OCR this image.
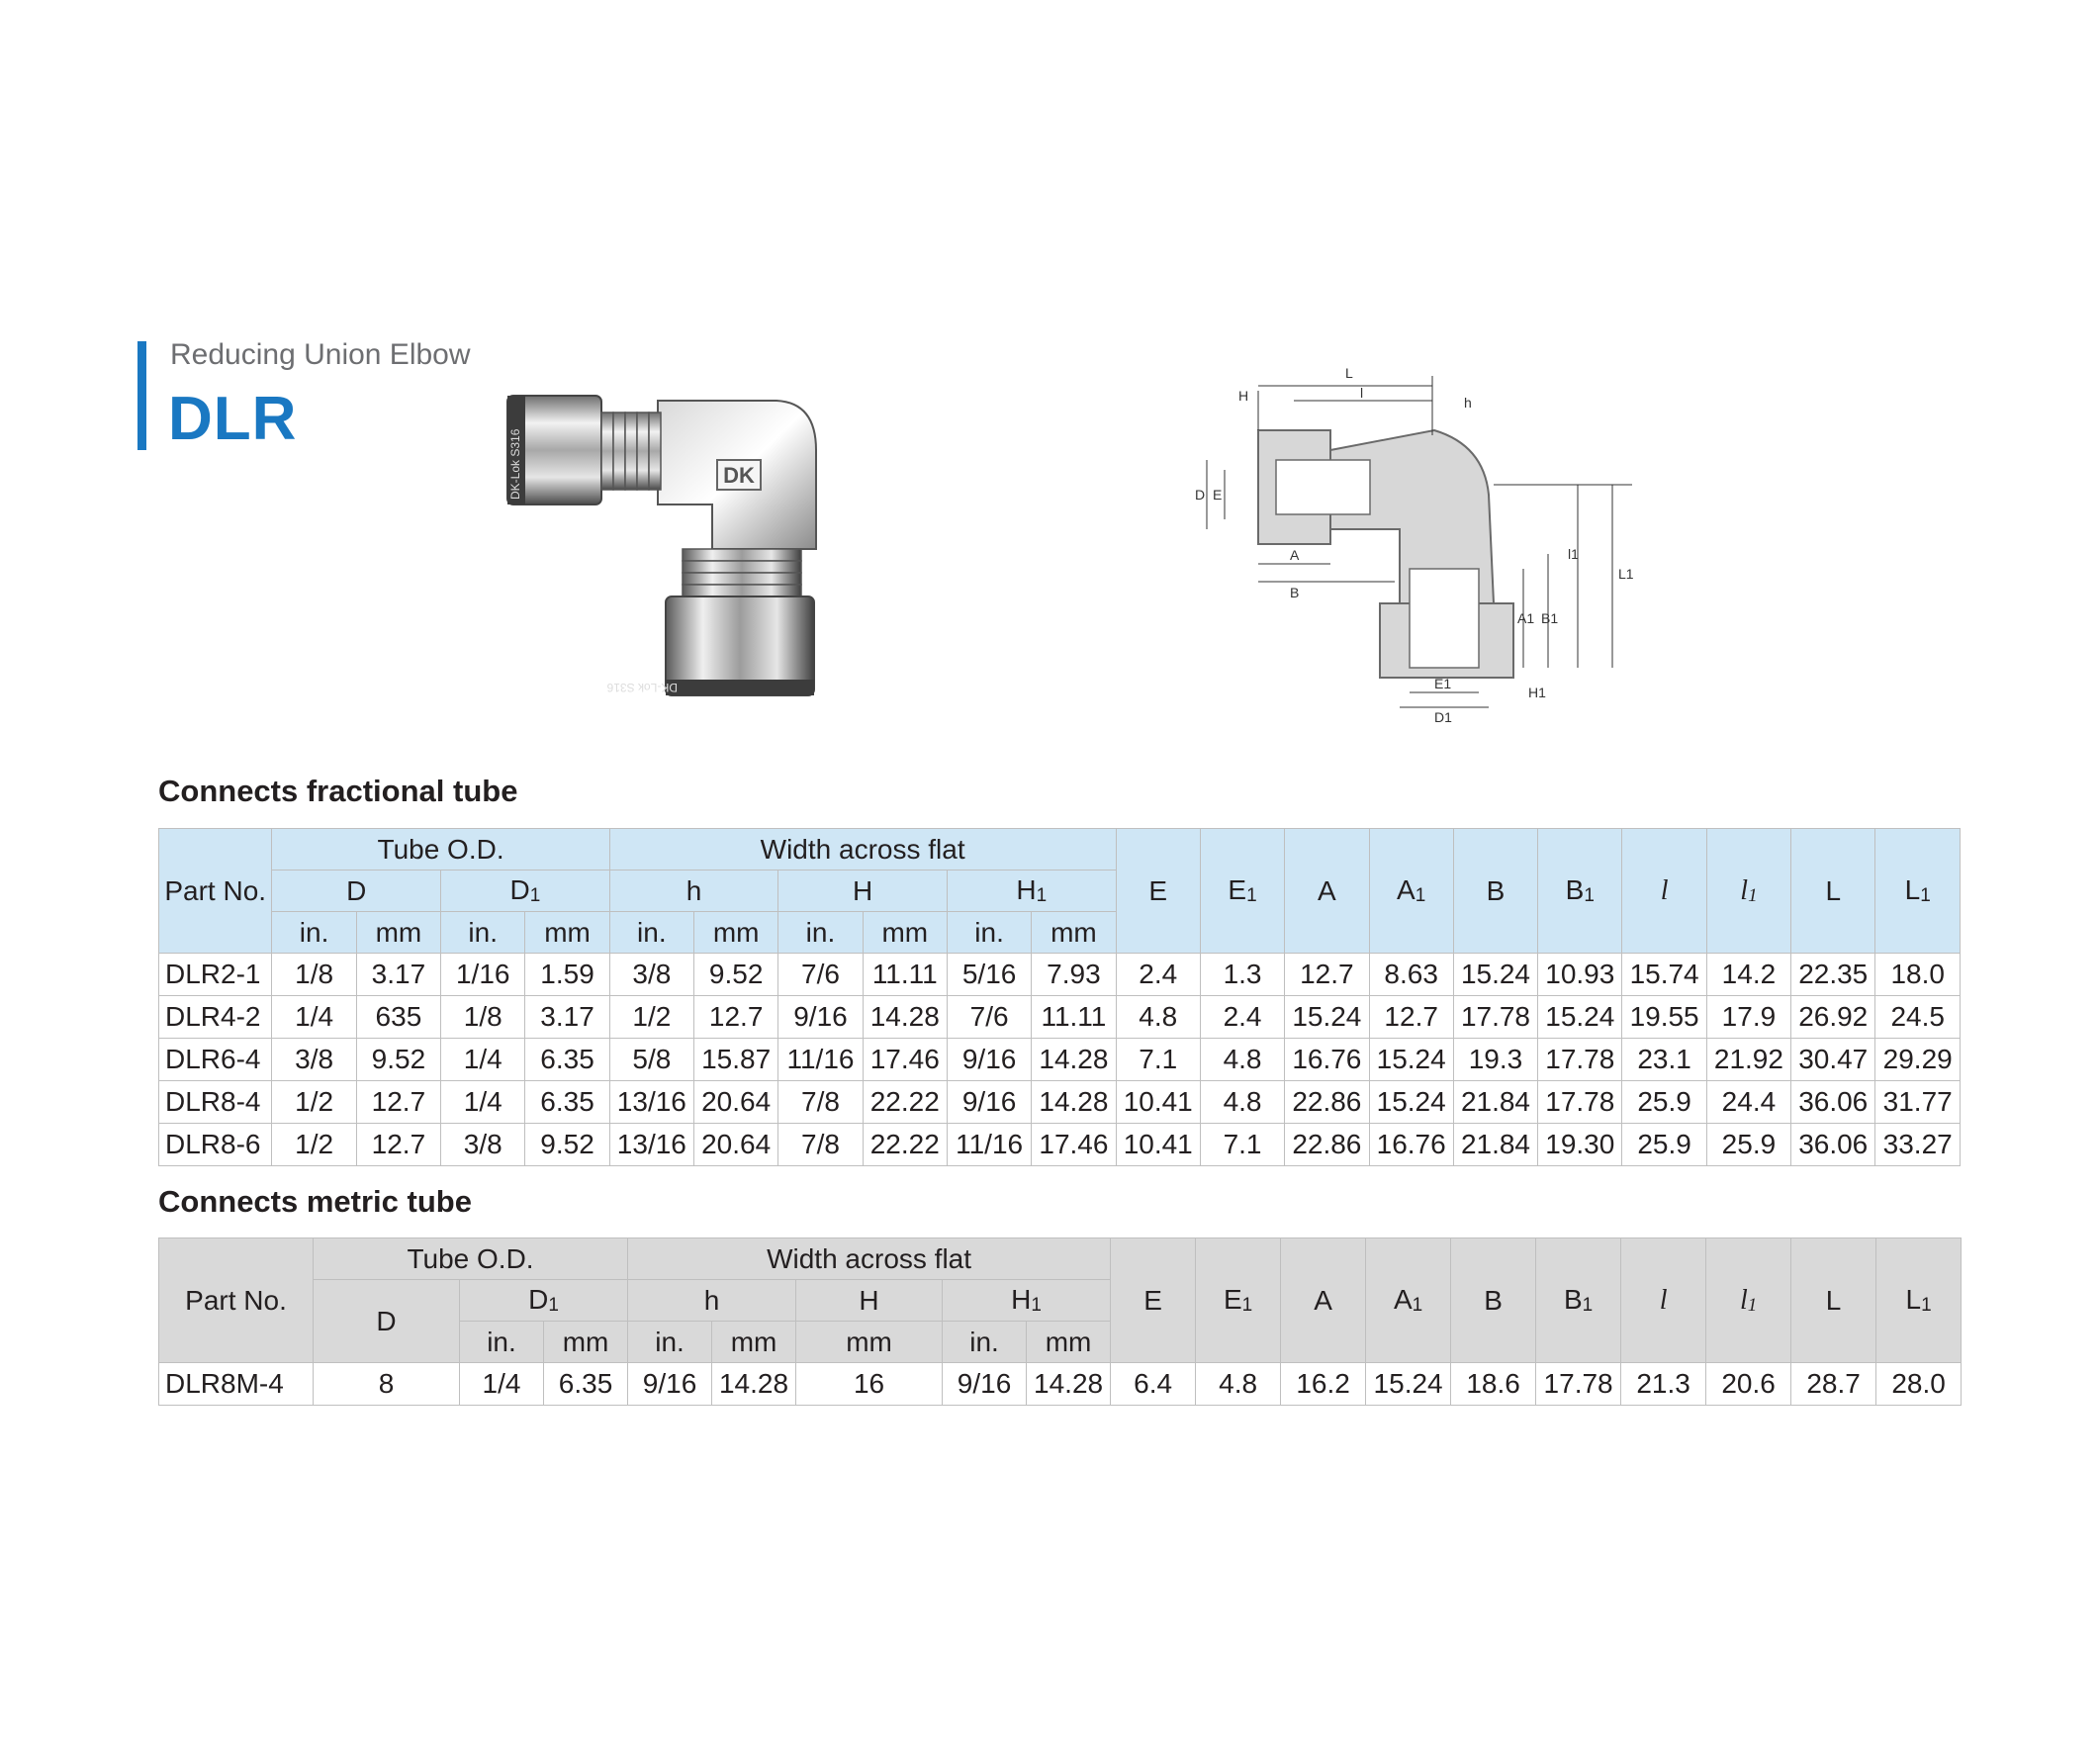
Reducing Union Elbow
DLR
DK
DK-Lok S316
DK-Lok S316
L
l
H	h
D E
A
B
A1 B1
l1
L1
E1
D1
H1
Connects fractional tube
Part No.	Tube O.D.				Width across flat						E	E1	A	A1	B	B1	l	l1	L	L1
	D		D1		h		H		H1											
	in.	mm	in.	mm	in.	mm	in.	mm	in.	mm										
DLR2-1	1/8	3.17	1/16	1.59	3/8	9.52	7/6	11.11	5/16	7.93	2.4	1.3	12.7	8.63	15.24	10.93	15.74	14.2	22.35	18.0
DLR4-2	1/4	635	1/8	3.17	1/2	12.7	9/16	14.28	7/6	11.11	4.8	2.4	15.24	12.7	17.78	15.24	19.55	17.9	26.92	24.5
DLR6-4	3/8	9.52	1/4	6.35	5/8	15.87	11/16	17.46	9/16	14.28	7.1	4.8	16.76	15.24	19.3	17.78	23.1	21.92	30.47	29.29
DLR8-4	1/2	12.7	1/4	6.35	13/16	20.64	7/8	22.22	9/16	14.28	10.41	4.8	22.86	15.24	21.84	17.78	25.9	24.4	36.06	31.77
DLR8-6	1/2	12.7	3/8	9.52	13/16	20.64	7/8	22.22	11/16	17.46	10.41	7.1	22.86	16.76	21.84	19.30	25.9	25.9	36.06	33.27
Connects metric tube
Part No.	Tube O.D.			Width across flat					E	E1	A	A1	B	B1	l	l1	L	L1
	D	D1		h		H	H1											
		in.	mm	in.	mm	mm	in.	mm										
DLR8M-4	8	1/4	6.35	9/16	14.28	16	9/16	14.28	6.4	4.8	16.2	15.24	18.6	17.78	21.3	20.6	28.7	28.0
